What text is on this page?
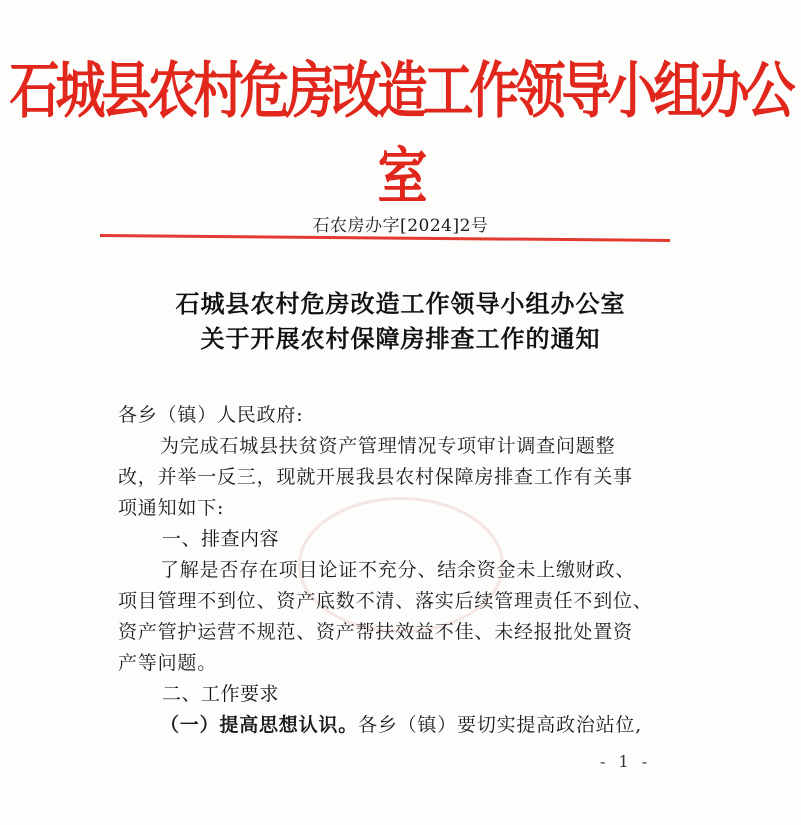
石城县农村危房改造工作领导小组办公室
石农房办字[2024]2号
石城县农村危房改造工作领导小组办公室
关于开展农村保障房排查工作的通知
各乡（镇）人民政府:
为完成石城县扶贫资产管理情况专项审计调查问题整
改，并举一反三，现就开展我县农村保障房排查工作有关事
项通知如下:
一、排查内容
了解是否存在项目论证不充分、结余资金未上缴财政、
项目管理不到位、资产底数不清、落实后续管理责任不到位、
资产管护运营不规范、资产帮扶效益不佳、未经报批处置资
产等问题。
二、工作要求
（一）提高思想认识。各乡（镇）要切实提高政治站位,
- 1 -
